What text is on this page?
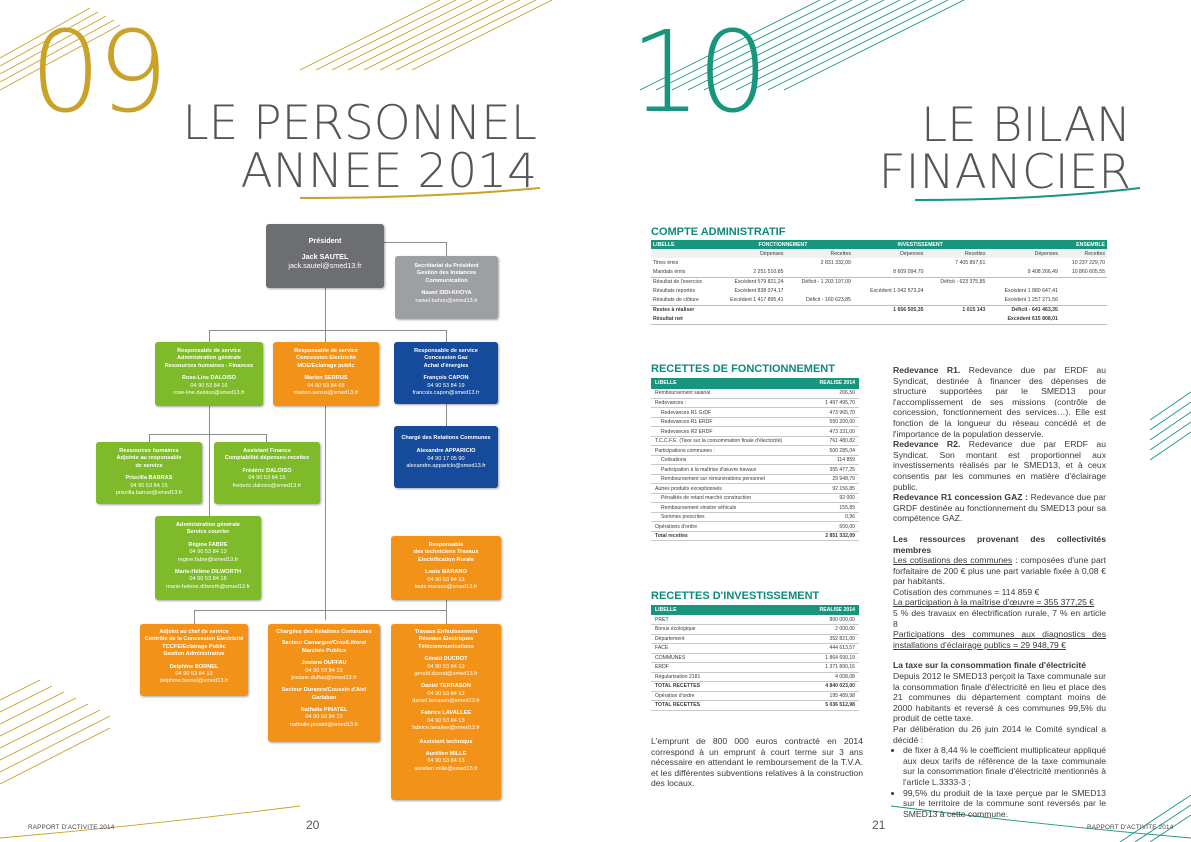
09 LE PERSONNEL
ANNEE 2014
Président
Jack SAUTEL
jack.sautel@smed13.fr	Secrétariat du Président
Gestion des Instances
Communication
Nawel SIDI-KHOYA
nawel.bahon@smed13.fr
Responsable de service
Administration générale
Ressources humaines - Finances
Rose-Line DALOISO
04 90 53 84 16
rose-line.daloiso@smed13.fr
Responsable de service
Concession Electricité
MOE/Eclairage public
Marion SERRUS
04 90 53 84 65
marion.serrus@smed13.fr
Responsable de service
Concession Gaz
Achat d'énergies
François CAPON
04 90 53 84 19
francois.capon@smed13.fr
Chargé des Relations Communes
Alexandre APPARICIO
04 90 17 05 90
alexandre.appariclo@smed13.fr
Ressources humaines
Adjointe au responsable
de service
Priscilla BARRAS
04 90 53 84 15
priscilla.barras@smed13.fr
Assistant Finance
Comptabilité dépenses-recettes
Frédéric DALOISO
04 90 53 84 15
frederic.daloiso@smed13.fr
Administration générale
Service courrier
Régine FABRE
04 90 53 84 13
regine.fabre@smed13.fr
Marie-Hélène DILWORTH
04 90 53 84 18
marie-helene.dilworth@smed13.fr
Responsable
des techniciens Travaux
Electrification Rurale
Louis MARANO
04 90 53 84 13
louis.marano@smed13.fr
Adjoint au chef de service
Contrôle de la Concession Electricité
TCCFE/Eclairage Public
Gestion Administrative
Delphine BORNEL
04 90 53 84 13
delphine.bornel@smed13.fr
Chargées des Relations Communes
Secteur Camargue/Crau/Littoral
Marchés Publics
Josiane DUFFAU
04 90 53 84 13
josiane.duffau@smed13.fr
Secteur Durance/Coussin d'Aix/
Garlaban
Nathalie PINATEL
04 90 53 84 13
nathalie.pinatel@smed13.fr
Travaux Enfouissement
Réseaux Electriques
Télécommunications
Gérald DUCROT
04 90 53 84 13
gerald.ducrot@smed13.fr
Daniel TERRASON
04 90 53 84 13
daniel.terrason@smed13.fr
Fabrice LAVALLEE
04 90 53 84 13
fabrice.lavallee@smed13.fr
Assistant technique
Aurélien MILLE
04 90 53 84 13
aurelien.mille@smed13.fr
RAPPORT D'ACTIVITE 2014	20
10	LE BILAN
FINANCIER
COMPTE ADMINISTRATIF
LIBELLE	FONCTIONNEMENT		INVESTISSEMENT		ENSEMBLE	
	Dépenses	Recettes	Dépenses	Recettes	Dépenses	Recettes
Titres émis		2 831 332,09		7 405 897,61		10 237 229,70
Mandats émis	2 251 510,85		8 609 094,70		9 408 266,49	10 860 605,55
Résultat de l'exercice	Excédent 579 821,24	Déficit - 1 203 197,09		Déficit - 623 375,85		
Résultats reportés	Excédent 838 074,17		Excédent 1 042 573,24		Excédent 1 880 647,41	
Résultats de clôture	Excédent 1 417 895,41	Déficit - 160 623,85			Excédent 1 257 271,56	
Restes à réaliser			1 656 505,35	1 015 143	Déficit - 641 463,35	
Résultat net					Excédent 615 808,01	
RECETTES DE FONCTIONNEMENT
LIBELLE	REALISE 2014
Remboursement salarial	206,50
Redevances :	1 497 495,70
Redevances R1 GrDF	473 965,70
Redevances R1 ERDF	550 200,00
Redevances R2 ERDF	473 331,00
T.C.C.F.E. (Taxe sur la consommation finale d'électricité)	761 480,82
Participations communes :	500 285,04
Cotisations	114 859
Participation à la maîtrise d'œuvre travaux	355 477,25
Remboursement sur rémunérations personnel	29 948,79
Autres produits exceptionnels	92 156,85
Pénalités de retard marché construction	92 000
Remboursement sinistre véhicule	155,89
Sommes prescrites	0,96
Opérations d'ordre	500,00
Total recettes	2 851 332,09
RECETTES D'INVESTISSEMENT
LIBELLE	REALISE 2014
PRET	800 000,00
Bonus écologique	2 000,00
Département	352 821,00
FACE	444 613,57
COMMUNES	1 864 690,19
ERDF	1 371 890,16
Régularisation 2181	4 008,08
TOTAL RECETTES	4 840 023,00
Opération d'ordre	195 489,98
TOTAL RECETTES	5 036 512,98
L'emprunt de 800 000 euros contracté en 2014 correspond à un emprunt à court terme sur 3 ans nécessaire en attendant le remboursement de la T.V.A. et les différentes subventions relatives à la construction des locaux.

Redevance R1. Redevance due par ERDF au Syndicat, destinée à financer des dépenses de structure supportées par le SMED13 pour l'accomplissement de ses missions (contrôle de concession, fonctionnement des services…). Elle est fonction de la longueur du réseau concédé et de l'importance de la population desservie.

Redevance R2. Redevance due par ERDF au Syndicat. Son montant est proportionnel aux investissements réalisés par le SMED13, et à ceux consentis par les communes en matière d'éclairage public.

Redevance R1 concession GAZ : Redevance due par GRDF destinée au fonctionnement du SMED13 pour sa compétence GAZ.

Les ressources provenant des collectivités membres

Les cotisations des communes : composées d'une part forfaitaire de 200 € plus une part variable fixée à 0,08 € par habitants.

Cotisation des communes = 114 859 €

La participation à la maîtrise d'œuvre = 355 377,25 €

5 % des travaux en électrification rurale, 7 % en article 8

Participations des communes aux diagnostics des installations d'éclairage publics = 29 948,79 €

La taxe sur la consommation finale d'électricité

Depuis 2012 le SMED13 perçoit la Taxe communale sur la consommation finale d'électricité en lieu et place des 21 communes du département comptant moins de 2000 habitants et reversé à ces communes 99,5% du produit de cette taxe.

Par délibération du 26 juin 2014 le Comité syndical a décidé :

• de fixer à 8,44 % le coefficient multiplicateur appliqué aux deux tarifs de référence de la taxe communale sur la consommation finale d'électricité mentionnés à l'article L.3333-3 ;
• 99,5% du produit de la taxe perçue par le SMED13 sur le territoire de la commune sont reversés par le SMED13 à cette commune.
21	RAPPORT D'ACTIVITE 2014
